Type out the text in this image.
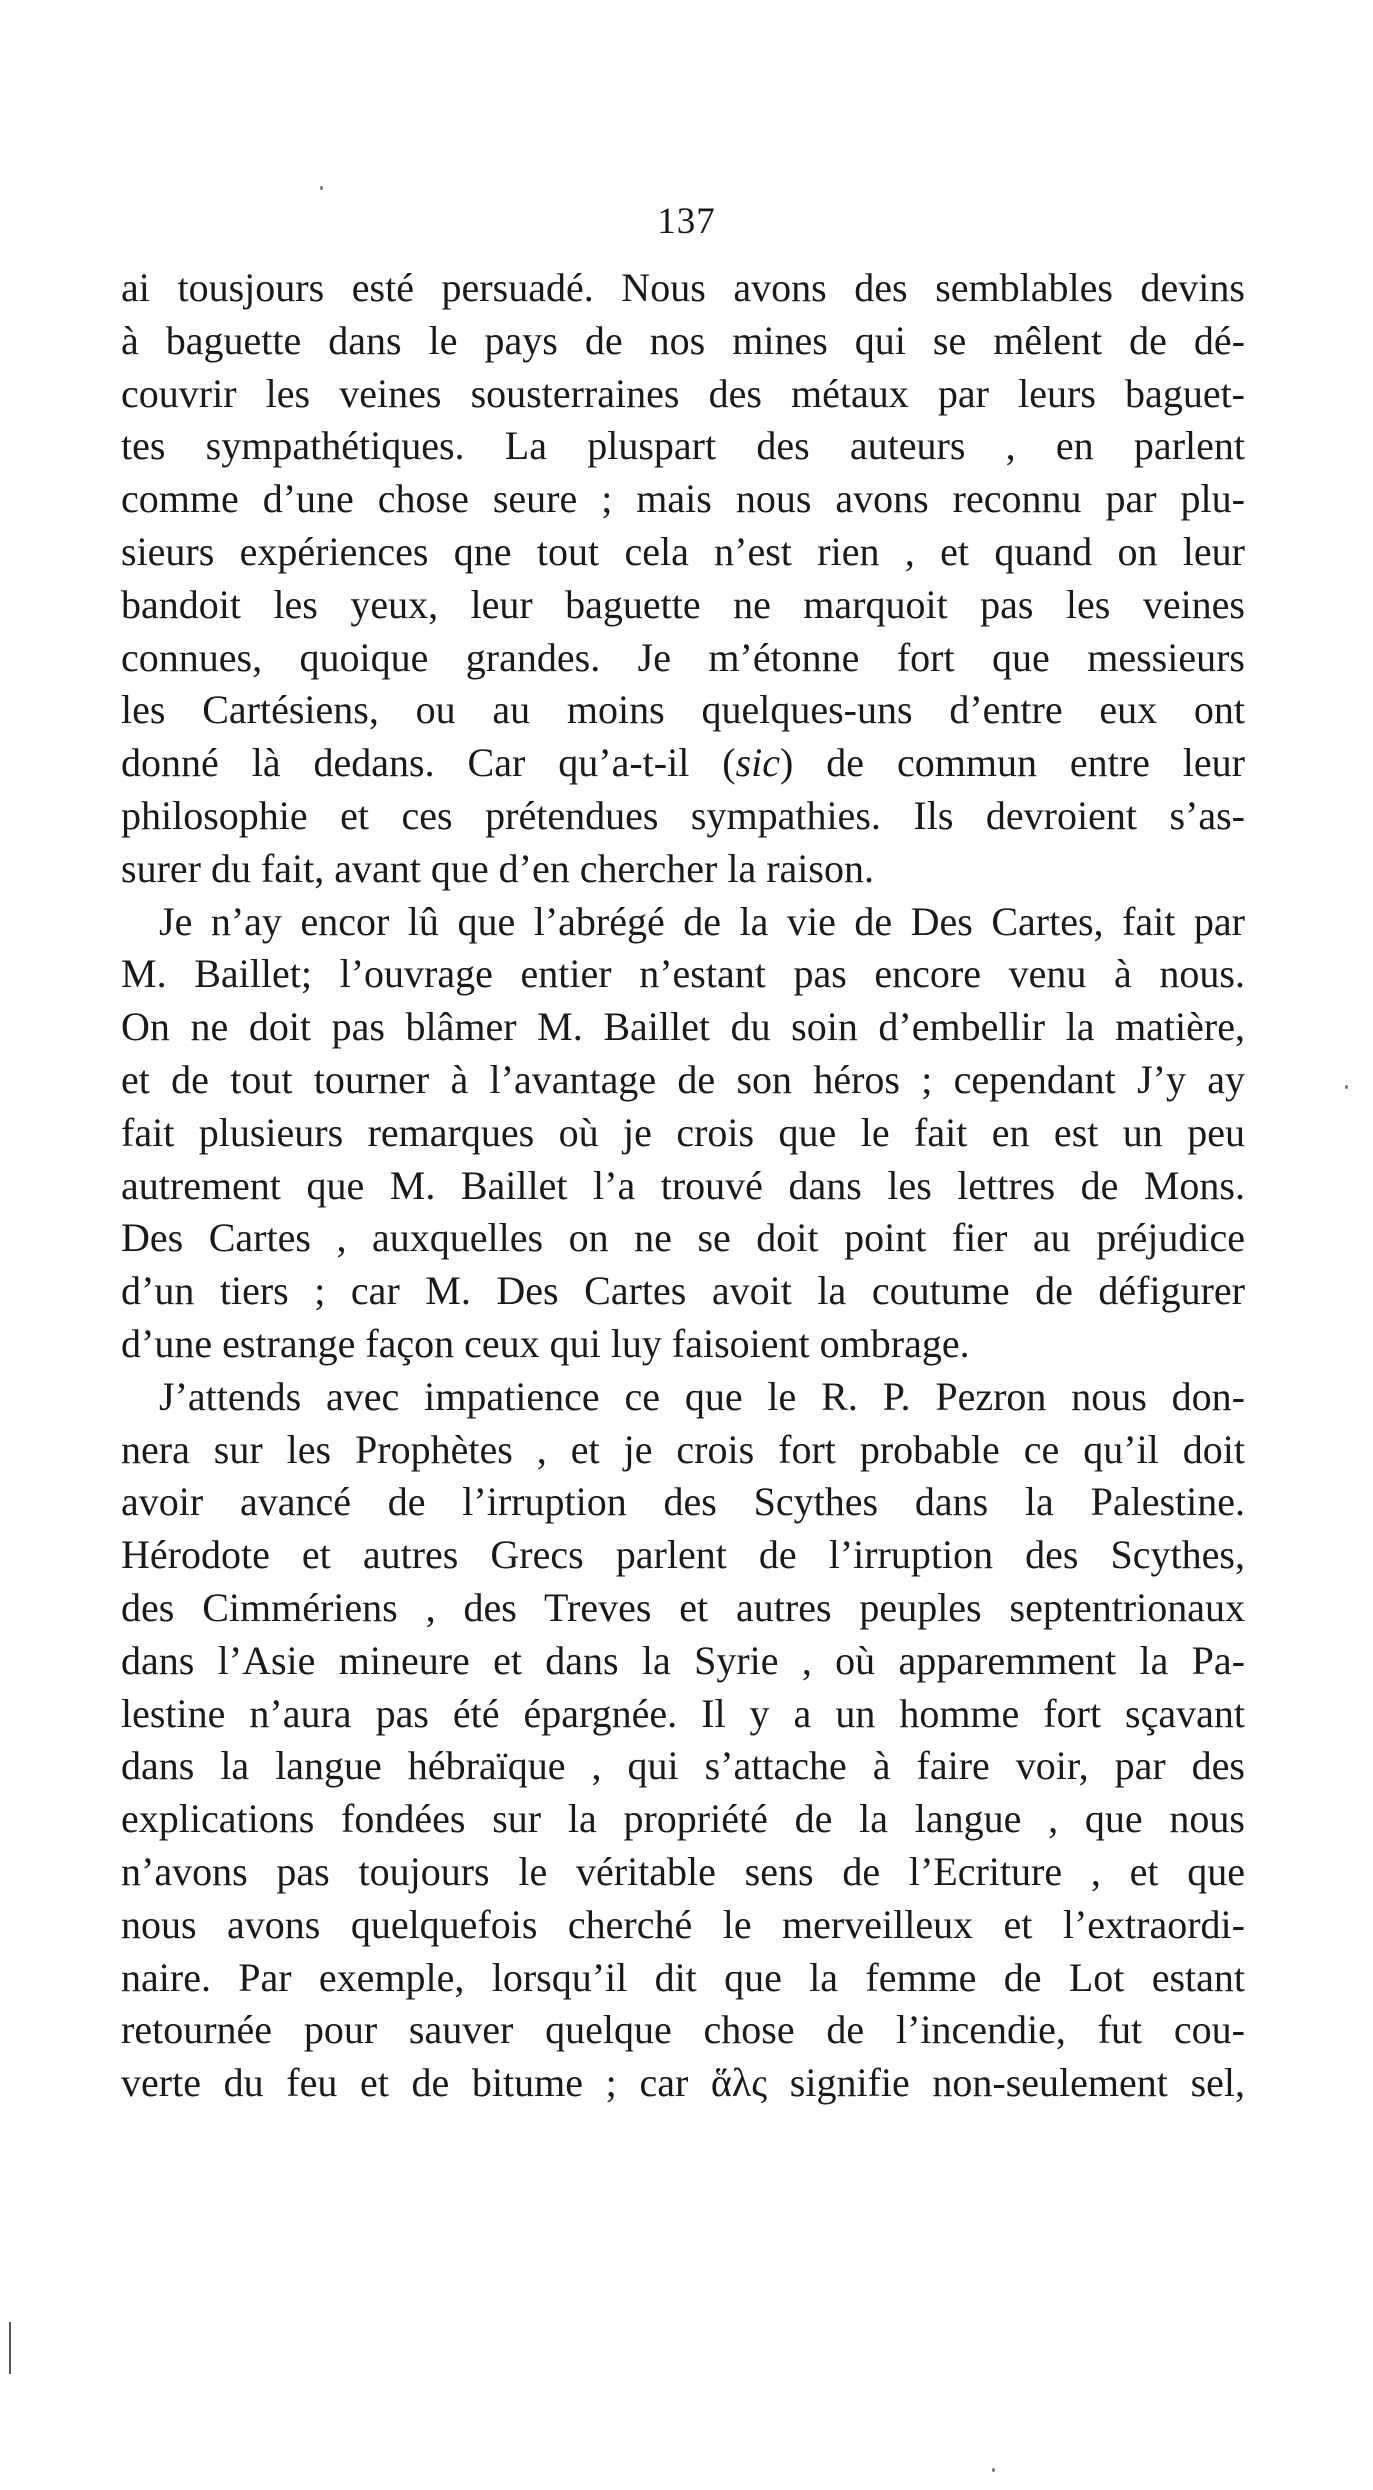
137
ai tousjours esté persuadé. Nous avons des semblables devins
à baguette dans le pays de nos mines qui se mêlent de dé-
couvrir les veines sousterraines des métaux par leurs baguet-
tes sympathétiques. La pluspart des auteurs , en parlent
comme d’une chose seure ; mais nous avons reconnu par plu-
sieurs expériences qne tout cela n’est rien , et quand on leur
bandoit les yeux, leur baguette ne marquoit pas les veines
connues, quoique grandes. Je m’étonne fort que messieurs
les Cartésiens, ou au moins quelques-uns d’entre eux ont
donné là dedans. Car qu’a-t-il (sic) de commun entre leur
philosophie et ces prétendues sympathies. Ils devroient s’as-
surer du fait, avant que d’en chercher la raison.
Je n’ay encor lû que l’abrégé de la vie de Des Cartes, fait par
M. Baillet; l’ouvrage entier n’estant pas encore venu à nous.
On ne doit pas blâmer M. Baillet du soin d’embellir la matière,
et de tout tourner à l’avantage de son héros ; cependant J’y ay
fait plusieurs remarques où je crois que le fait en est un peu
autrement que M. Baillet l’a trouvé dans les lettres de Mons.
Des Cartes , auxquelles on ne se doit point fier au préjudice
d’un tiers ; car M. Des Cartes avoit la coutume de défigurer
d’une estrange façon ceux qui luy faisoient ombrage.
J’attends avec impatience ce que le R. P. Pezron nous don-
nera sur les Prophètes , et je crois fort probable ce qu’il doit
avoir avancé de l’irruption des Scythes dans la Palestine.
Hérodote et autres Grecs parlent de l’irruption des Scythes,
des Cimmériens , des Treves et autres peuples septentrionaux
dans l’Asie mineure et dans la Syrie , où apparemment la Pa-
lestine n’aura pas été épargnée. Il y a un homme fort sçavant
dans la langue hébraïque , qui s’attache à faire voir, par des
explications fondées sur la propriété de la langue , que nous
n’avons pas toujours le véritable sens de l’Ecriture , et que
nous avons quelquefois cherché le merveilleux et l’extraordi-
naire. Par exemple, lorsqu’il dit que la femme de Lot estant
retournée pour sauver quelque chose de l’incendie, fut cou-
verte du feu et de bitume ; car ἅλς signifie non-seulement sel,
